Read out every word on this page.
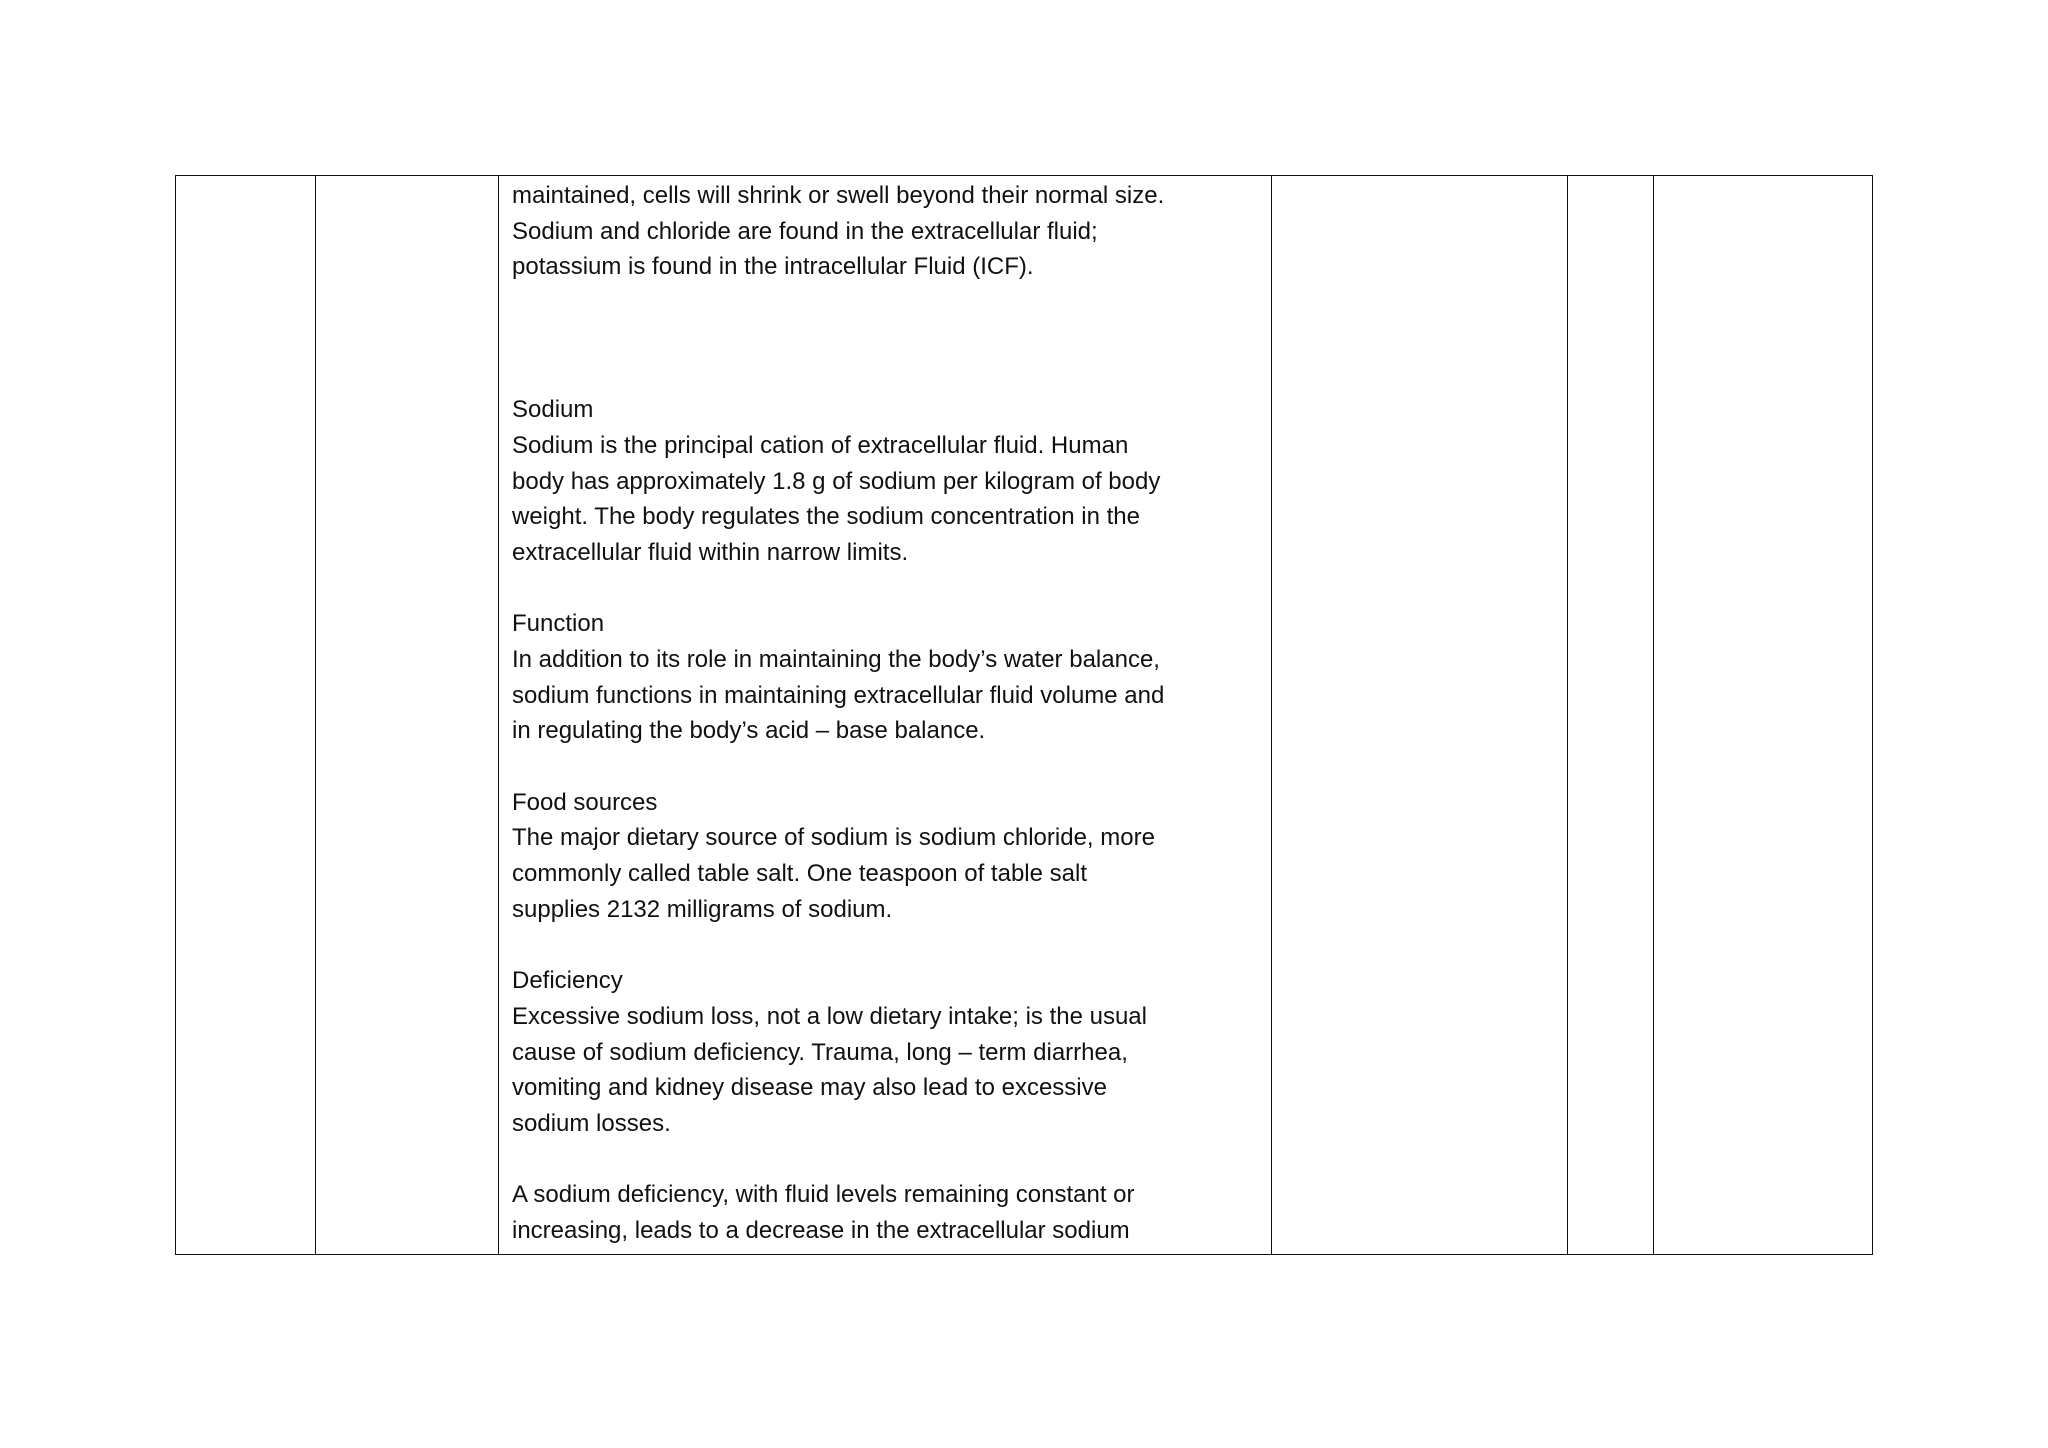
maintained, cells will shrink or swell beyond their normal size.
Sodium and chloride are found in the extracellular fluid;
potassium is found in the intracellular Fluid (ICF).
Sodium
Sodium is the principal cation of extracellular fluid. Human
body has approximately 1.8 g of sodium per kilogram of body
weight. The body regulates the sodium concentration in the
extracellular fluid within narrow limits.
Function
In addition to its role in maintaining the body’s water balance,
sodium functions in maintaining extracellular fluid volume and
in regulating the body’s acid – base balance.
Food sources
The major dietary source of sodium is sodium chloride, more
commonly called table salt. One teaspoon of table salt
supplies 2132 milligrams of sodium.
Deficiency
Excessive sodium loss, not a low dietary intake; is the usual
cause of sodium deficiency. Trauma, long – term diarrhea,
vomiting and kidney disease may also lead to excessive
sodium losses.
A sodium deficiency, with fluid levels remaining constant or
increasing, leads to a decrease in the extracellular sodium
